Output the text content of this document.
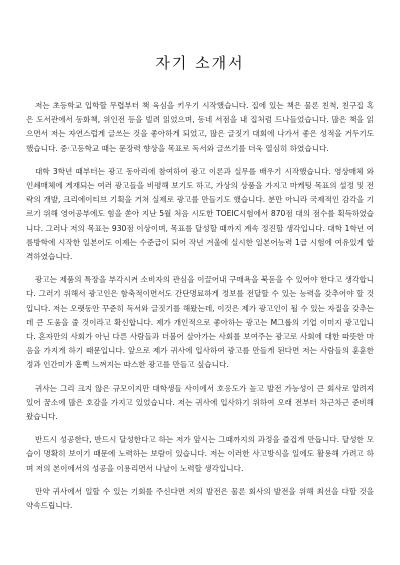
자기 소개서

저는 초등학교 입학할 무렵부터 책 육심을 키우기 시작했습니다. 집에 있는 책은 물론 친척, 친구집 혹은 도서관에서 동화책, 위인전 등을 빌려 읽었으며, 동네 서점을 내 집처럼 드나들었습니다. 많은 책을 읽으면서 저는 자연스럽게 글쓰는 것을 좋아하게 되었고, 많은 글짓기 대회에 나가서 좋은 성적을 거두기도 했습니다. 중·고등학교 때는 문장력 향상을 목표로 독서와 글쓰기를 더욱 열심히 하였습니다.

대학 3학년 때부터는 광고 동아리에 참여하여 광고 이론과 실무를 배우기 시작했습니다. 영상매체 와 인쇄매체에 게재되는 여러 광고들을 비평해 보기도 하고, 가상의 상품을 가지고 마케팅 목표의 설정 및 전략의 개발, 크리에이티브 기획을 거쳐 실제로 광고를 만들기도 했습니다. 분만 아니라 국제적인 감각을 기르기 위해 영어공부에도 힘을 쏟아 지난 5월 처음 시도한 TOEIC시험에서 870점 대의 점수를 획득하였습니다. 그러나 저의 목표는 930점 이상이며, 목표를 달성할 때까지 계속 정진할 생각입니다. 대학 1학년 여름방학에 시작한 일본어도 이제는 수준급이 되어 작년 겨울에 실시한 일본어능력 1급 시험에 여유있게 합격하였습니다.

광고는 제품의 특장을 부각시켜 소비자의 관심을 이끌어내 구매욕을 북돋을 수 있어야 한다고 생각합니다. 그러기 위해서 광고인은 함축적이면서도 간단명료하게 정보를 전달할 수 있는 능력을 갖추어야 할 것입니다. 저는 오랫동안 꾸준히 독서와 글짓기를 해왔는데, 이것은 제가 광고인이 될 수 있는 자질을 갖추는데 큰 도움을 줄 것이라고 확신합니다. 제가 개인적으로 좋아하는 광고는 M그룹의 기업 이미지 광고입니다. 혼자만의 사회가 아닌 다른 사람들과 더불어 살아가는 사회를 보여주는 광고로 사회에 대한 따뜻한 마음을 가지게 하기 때문입니다. 앞으로 제가 귀사에 입사하여 광고를 만들게 된다면 저는 사람들의 훈훈한 정과 인간미가 흠뻑 느껴지는 따스한 광고를 만들고 싶습니다.

귀사는 그리 크지 않은 규모이지만 대학생들 사이에서 호응도가 높고 발전 가능성이 큰 회사로 알려져 있어 꿈소에 많은 호감을 가지고 있었습니다. 저는 귀사에 입사하기 위하여 오래 전부터 차근차근 준비해 왔습니다.

반드시 성공한다, 반드시 달성한다고 하는 저가 앞시는 그때까지의 과정을 즐겁게 만듭니다. 달성한 모습이 명확히 보이기 때문에 노력하는 보람이 있습니다. 저는 이러한 사고방식을 일에도 활용해 가려고 하며 저의 본이에서의 성공을 이용리면서 나날이 노력할 생각입니다.

만약 귀사에서 일할 수 있는 기회를 주신다면 저의 발전은 물론 회사의 발전을 위해 최선을 다할 것을 약속드립니다.
